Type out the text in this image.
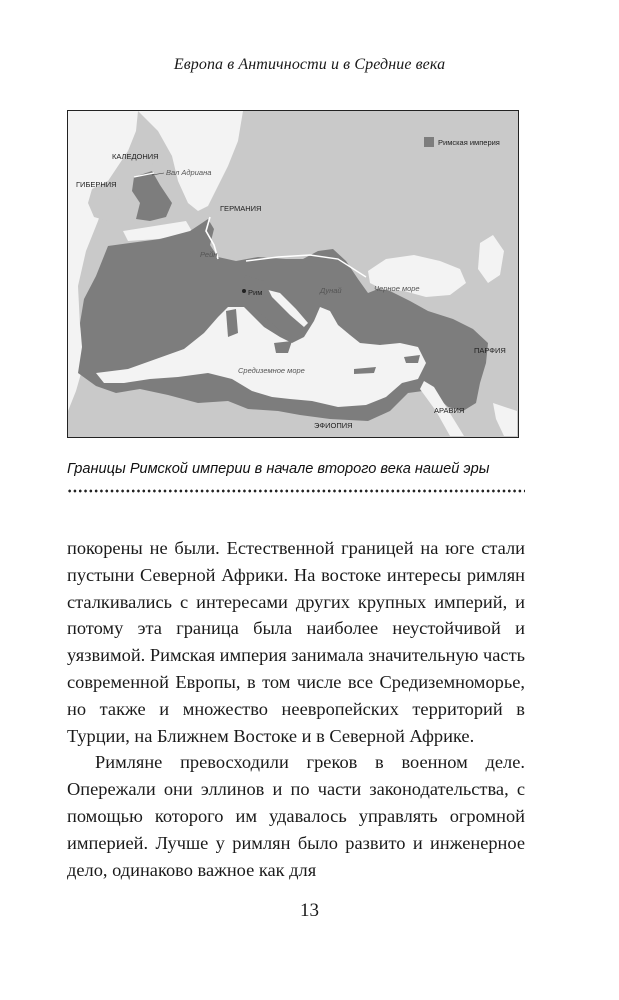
Европа в Античности и в Средние века
Римская империя
КАЛЕДОНИЯ
ГИБЕРНИЯ
Вал Адриана
ГЕРМАНИЯ
Рейн
Рим	Дунай	Черное море
ПАРФИЯ
Средиземное море
АРАВИЯ
ЭФИОПИЯ
Границы Римской империи в начале второго века нашей эры

покорены не были. Естественной границей на юге стали пустыни Северной Африки. На востоке интересы римлян сталкивались с интересами других крупных империй, и потому эта граница была наиболее неустойчивой и уязвимой. Римская империя занимала значительную часть современной Европы, в том числе все Средиземноморье, но также и множество неевропейских территорий в Турции, на Ближнем Востоке и в Северной Африке.

Римляне превосходили греков в военном деле. Опережали они эллинов и по части законодательства, с помощью которого им удавалось управлять огромной империей. Лучше у римлян было развито и инженерное дело, одинаково важное как для

13
